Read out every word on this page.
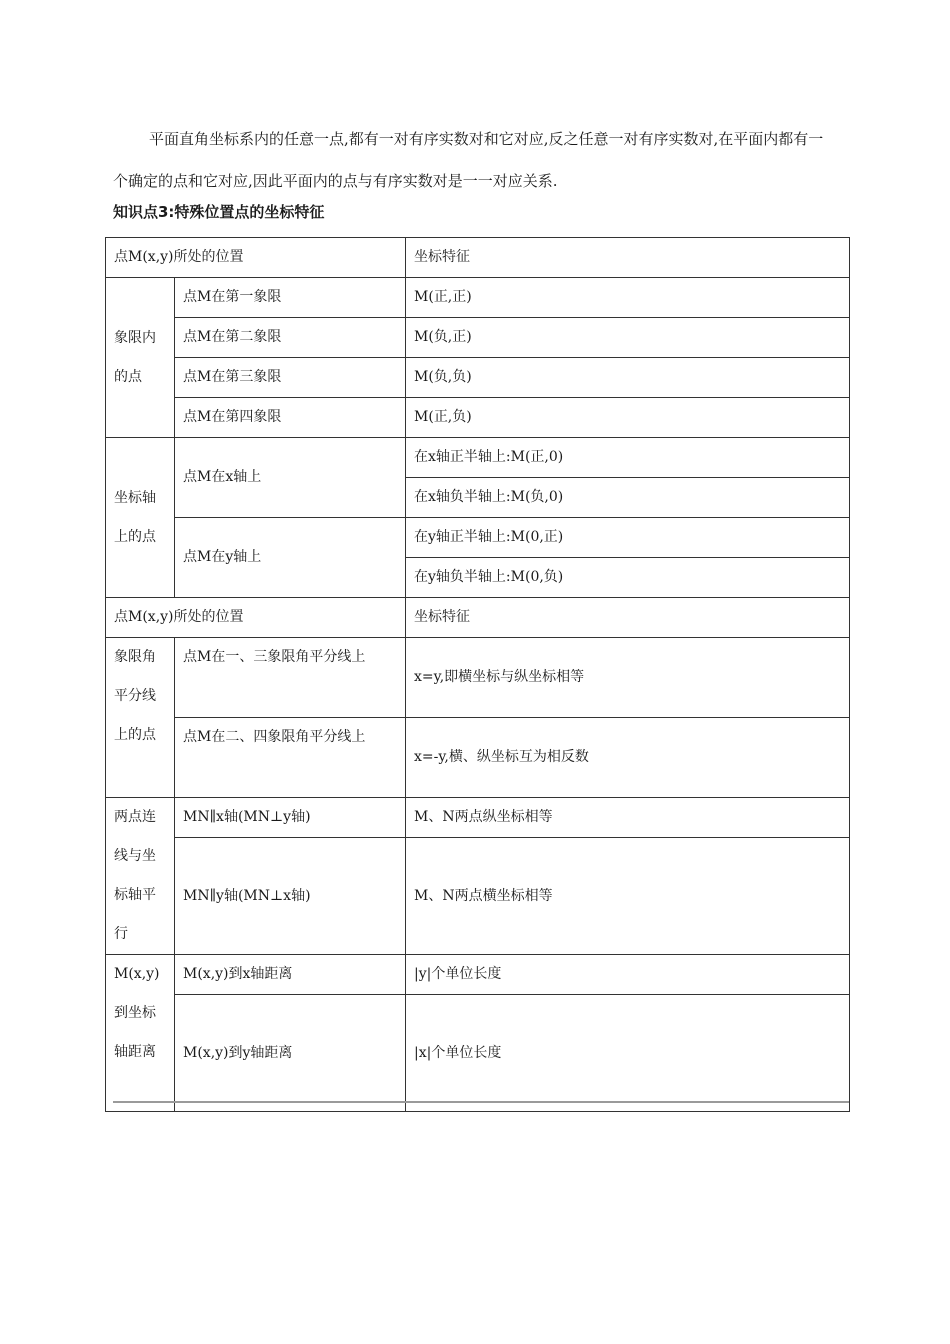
平面直角坐标系内的任意一点,都有一对有序实数对和它对应,反之任意一对有序实数对,在平面内都有一个确定的点和它对应,因此平面内的点与有序实数对是一一对应关系.

知识点3:特殊位置点的坐标特征

点M(x,y)所处的位置		坐标特征
象限内的点	点M在第一象限	M(正,正)
	点M在第二象限	M(负,正)
	点M在第三象限	M(负,负)
	点M在第四象限	M(正,负)
坐标轴上的点	点M在x轴上	在x轴正半轴上:M(正,0)
		在x轴负半轴上:M(负,0)
	点M在y轴上	在y轴正半轴上:M(0,正)
		在y轴负半轴上:M(0,负)
点M(x,y)所处的位置		坐标特征
象限角平分线上的点	点M在一、三象限角平分线上	x=y,即横坐标与纵坐标相等
	点M在二、四象限角平分线上	x=-y,横、纵坐标互为相反数
两点连线与坐标轴平行	MN∥x轴(MN⊥y轴)	M、N两点纵坐标相等
	MN∥y轴(MN⊥x轴)	M、N两点横坐标相等
M(x,y)到坐标轴距离	M(x,y)到x轴距离	|y|个单位长度
	M(x,y)到y轴距离	|x|个单位长度
